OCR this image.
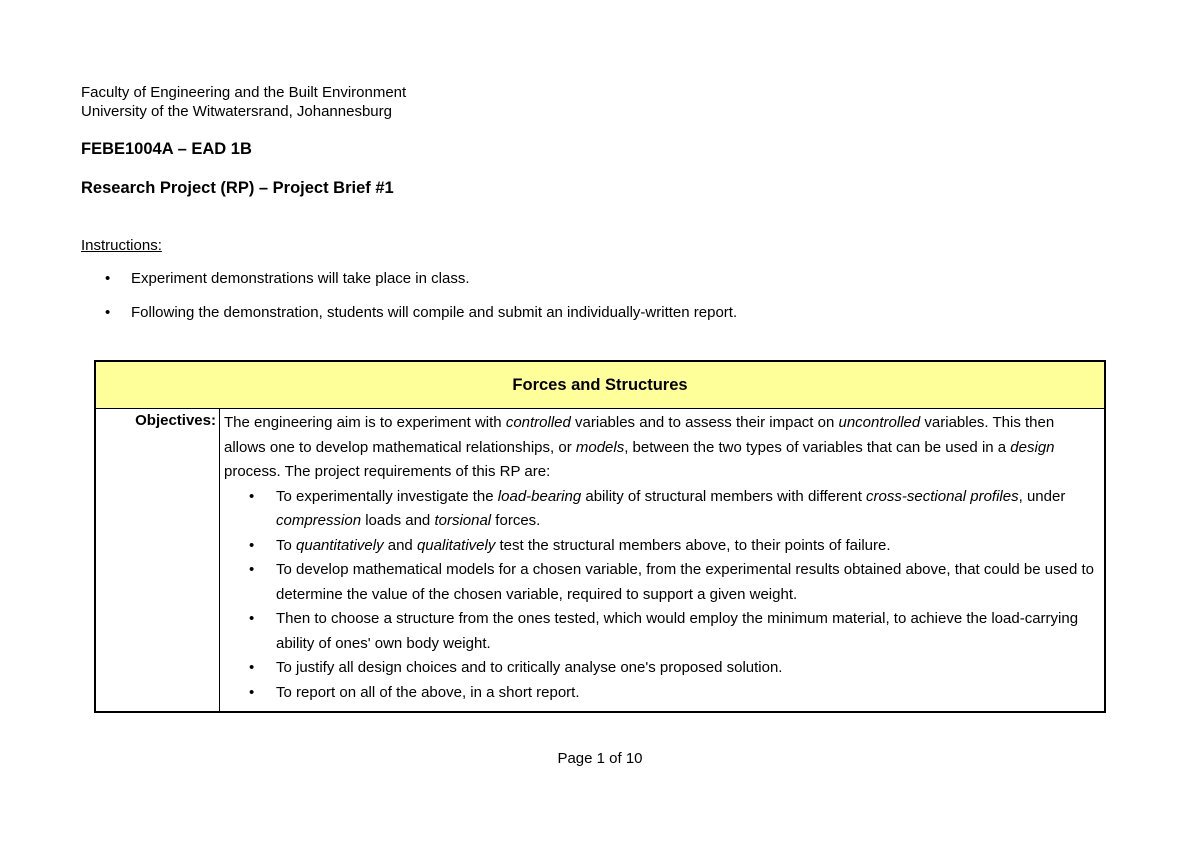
Faculty of Engineering and the Built Environment
University of the Witwatersrand, Johannesburg
FEBE1004A – EAD 1B
Research Project (RP) – Project Brief #1
Instructions:
• Experiment demonstrations will take place in class.
• Following the demonstration, students will compile and submit an individually-written report.
Forces and Structures
Objectives:	The engineering aim is to experiment with controlled variables and to assess their impact on uncontrolled variables. This then allows one to develop mathematical relationships, or models, between the two types of variables that can be used in a design process. The project requirements of this RP are:
• To experimentally investigate the load-bearing ability of structural members with different cross-sectional profiles, under compression loads and torsional forces.
• To quantitatively and qualitatively test the structural members above, to their points of failure.
• To develop mathematical models for a chosen variable, from the experimental results obtained above, that could be used to determine the value of the chosen variable, required to support a given weight.
• Then to choose a structure from the ones tested, which would employ the minimum material, to achieve the load-carrying ability of ones' own body weight.
• To justify all design choices and to critically analyse one's proposed solution.
• To report on all of the above, in a short report.
Page 1 of 10
